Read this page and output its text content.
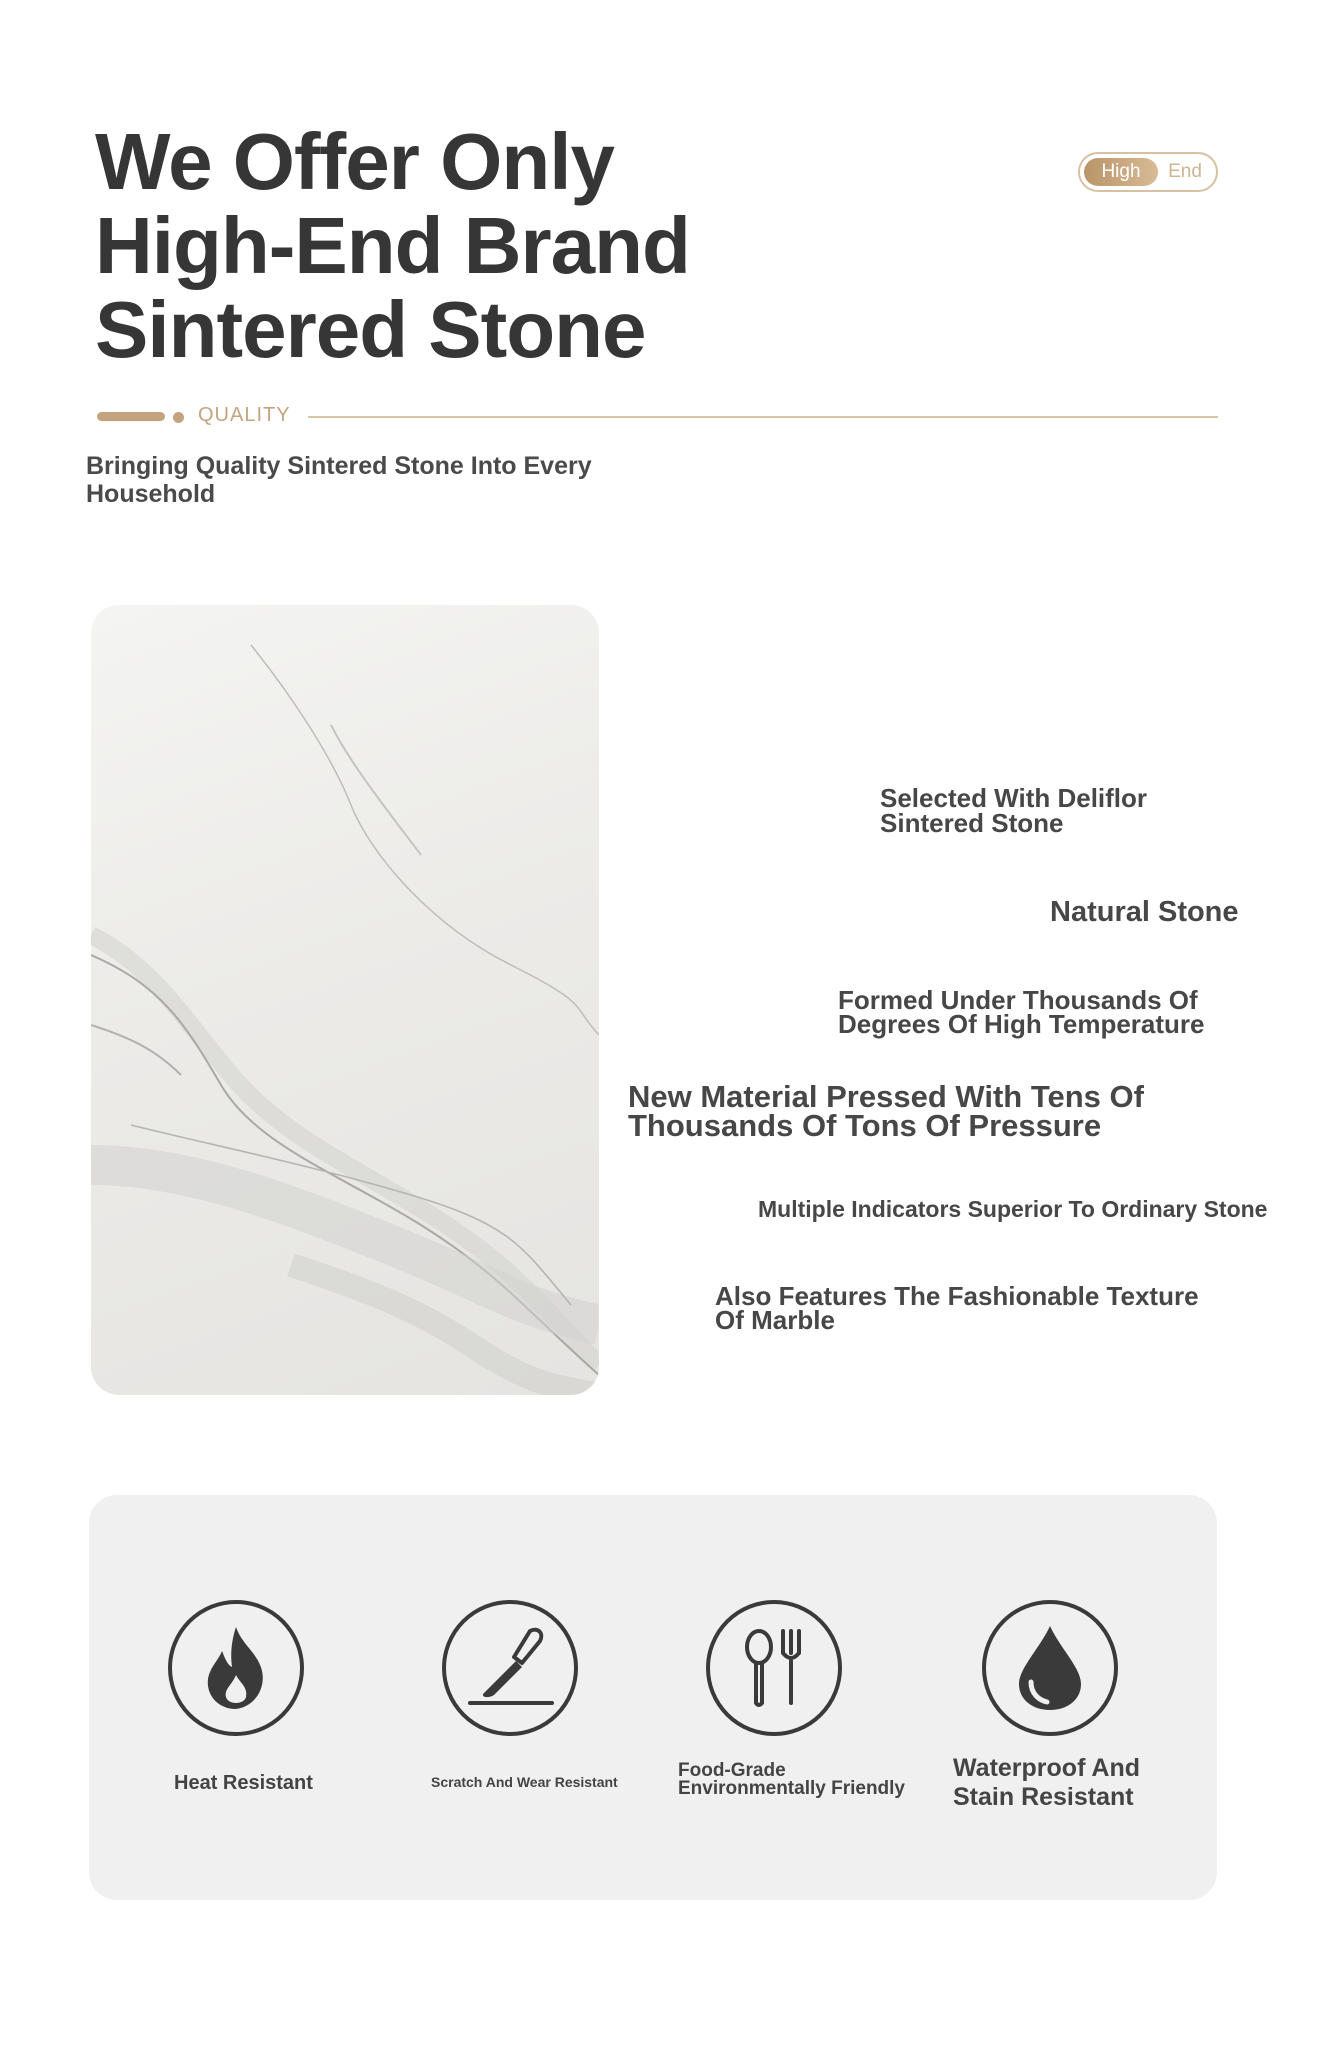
We Offer Only
High-End Brand
Sintered Stone
High	End
QUALITY
Bringing Quality Sintered Stone Into Every
Household
Selected With Deliflor
Sintered Stone
Natural Stone
Formed Under Thousands Of
Degrees Of High Temperature
New Material Pressed With Tens Of
Thousands Of Tons Of Pressure
Multiple Indicators Superior To Ordinary Stone
Also Features The Fashionable Texture
Of Marble
Heat Resistant	Scratch And Wear Resistant
Food-Grade
Environmentally Friendly
Waterproof And
Stain Resistant
